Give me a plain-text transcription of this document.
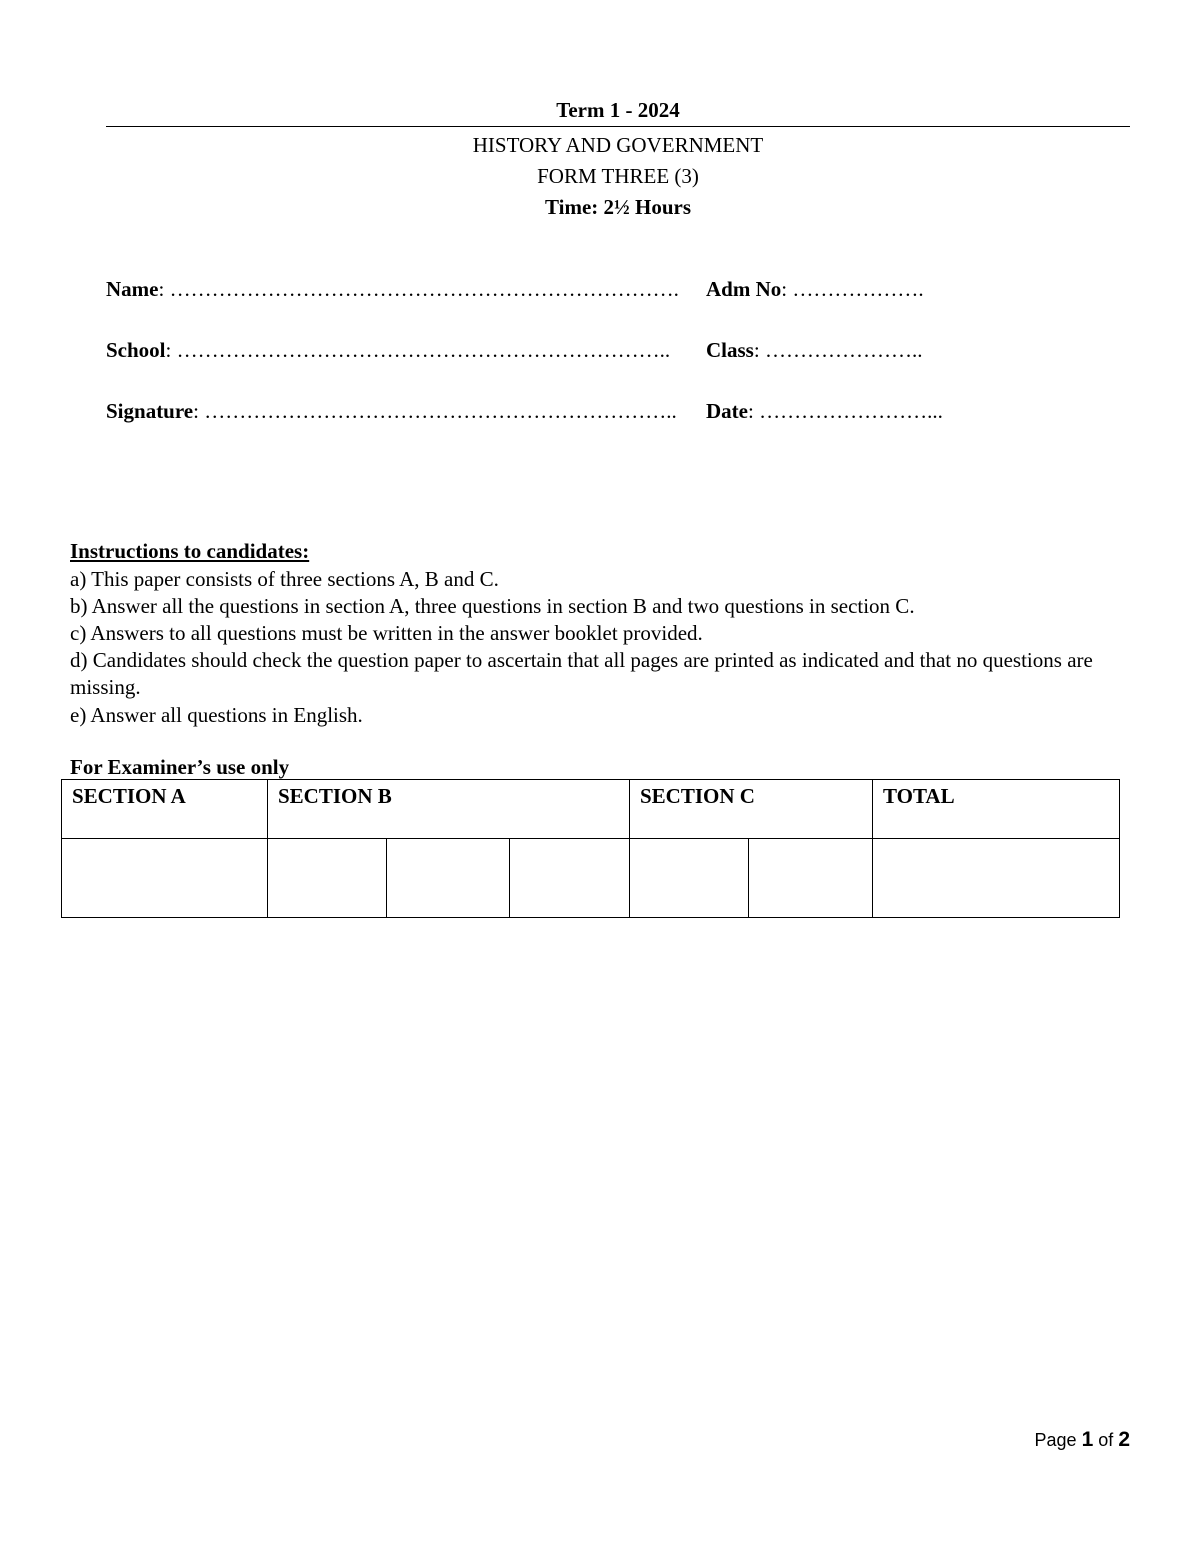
Term 1 - 2024
HISTORY AND GOVERNMENT
FORM THREE (3)
Time: 2½ Hours
Name: ………………………………………………………………. Adm No: ……………….
School: …………………………………………………………….. Class: …………………..
Signature: ………………………………………………………….. Date: ……………………...
Instructions to candidates:
a) This paper consists of three sections A, B and C.
b) Answer all the questions in section A, three questions in section B and two questions in section C.
c) Answers to all questions must be written in the answer booklet provided.
d) Candidates should check the question paper to ascertain that all pages are printed as indicated and that no questions are missing.
e) Answer all questions in English.
For Examiner’s use only
SECTION A	SECTION B			SECTION C		TOTAL

Page 1 of 2
